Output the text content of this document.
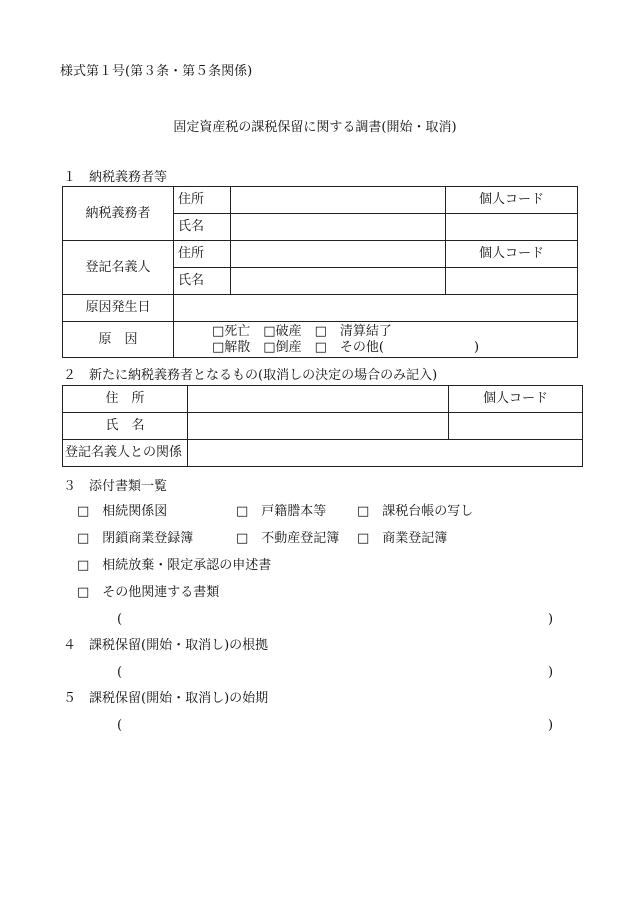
様式第１号(第３条・第５条関係)
固定資産税の課税保留に関する調書(開始・取消)
１　納税義務者等
納税義務者	住所		個人コード
	氏名		
登記名義人	住所		個人コード
	氏名		
原因発生日			
原　因	□死亡　□破産　□　清算結了
□解散　□倒産　□　その他( )		
２　新たに納税義務者となるもの(取消しの決定の場合のみ記入)
住　所		個人コード
氏　名		
登記名義人との関係		
３　添付書類一覧
□　相続関係図	□　戸籍謄本等 □　課税台帳の写し
□　閉鎖商業登録簿	□　不動産登記簿 □　商業登記簿
□　相続放棄・限定承認の申述書
□　その他関連する書類
(	)
４　課税保留(開始・取消し)の根拠
(	)
５　課税保留(開始・取消し)の始期
(	)
